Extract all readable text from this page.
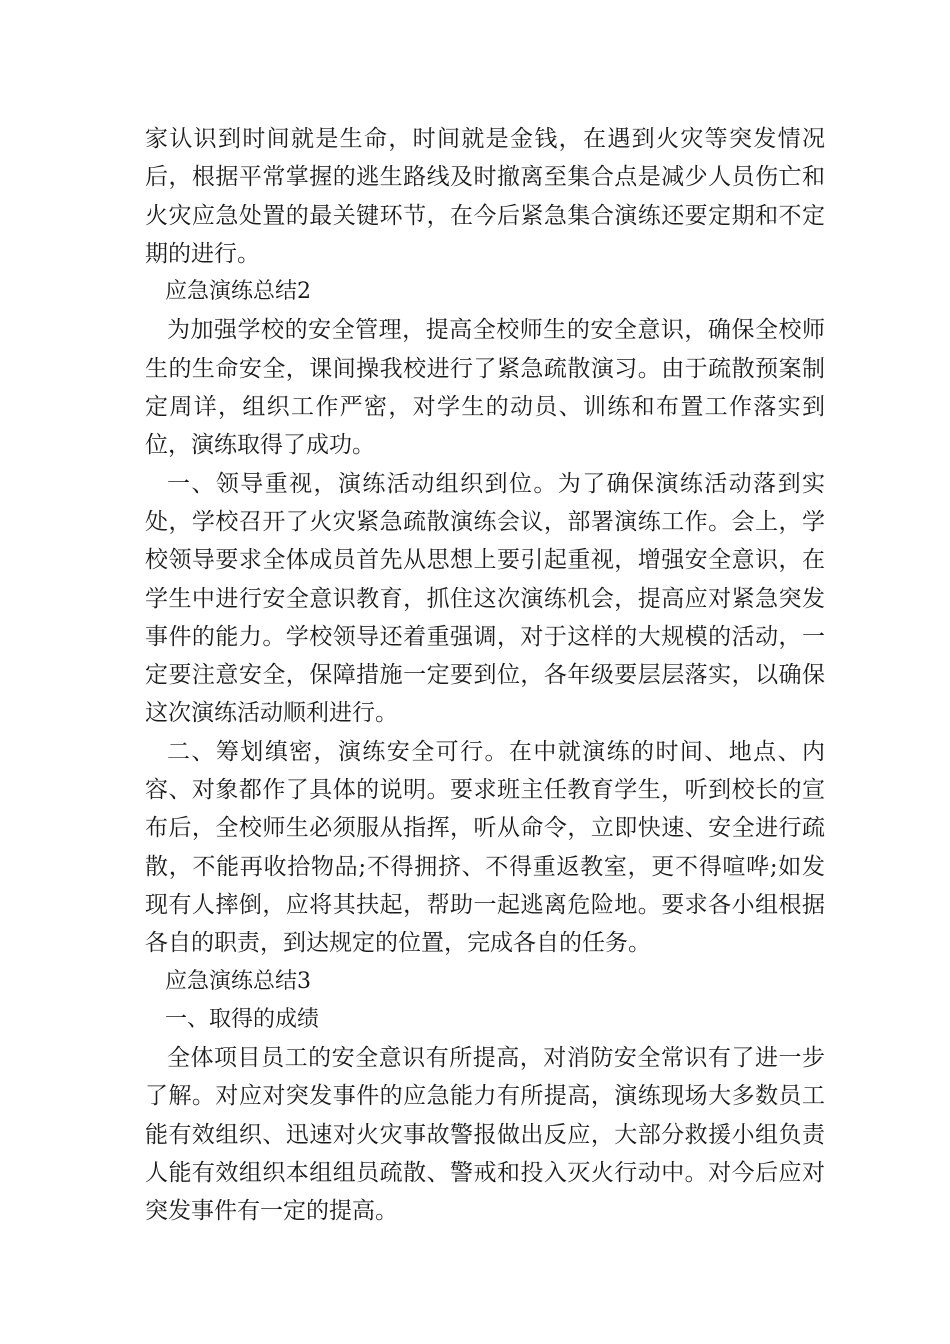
家认识到时间就是生命，时间就是金钱，在遇到火灾等突发情况后，根据平常掌握的逃生路线及时撤离至集合点是减少人员伤亡和火灾应急处置的最关键环节，在今后紧急集合演练还要定期和不定期的进行。

应急演练总结2

为加强学校的安全管理，提高全校师生的安全意识，确保全校师生的生命安全，课间操我校进行了紧急疏散演习。由于疏散预案制定周详，组织工作严密，对学生的动员、训练和布置工作落实到位，演练取得了成功。

一、领导重视，演练活动组织到位。为了确保演练活动落到实处，学校召开了火灾紧急疏散演练会议，部署演练工作。会上，学校领导要求全体成员首先从思想上要引起重视，增强安全意识，在学生中进行安全意识教育，抓住这次演练机会，提高应对紧急突发事件的能力。学校领导还着重强调，对于这样的大规模的活动，一定要注意安全，保障措施一定要到位，各年级要层层落实，以确保这次演练活动顺利进行。

二、筹划缜密，演练安全可行。在中就演练的时间、地点、内容、对象都作了具体的说明。要求班主任教育学生，听到校长的宣布后，全校师生必须服从指挥，听从命令，立即快速、安全进行疏散，不能再收拾物品;不得拥挤、不得重返教室，更不得喧哗;如发现有人摔倒，应将其扶起，帮助一起逃离危险地。要求各小组根据各自的职责，到达规定的位置，完成各自的任务。

应急演练总结3

一、取得的成绩

全体项目员工的安全意识有所提高，对消防安全常识有了进一步了解。对应对突发事件的应急能力有所提高，演练现场大多数员工能有效组织、迅速对火灾事故警报做出反应，大部分救援小组负责人能有效组织本组组员疏散、警戒和投入灭火行动中。对今后应对突发事件有一定的提高。
